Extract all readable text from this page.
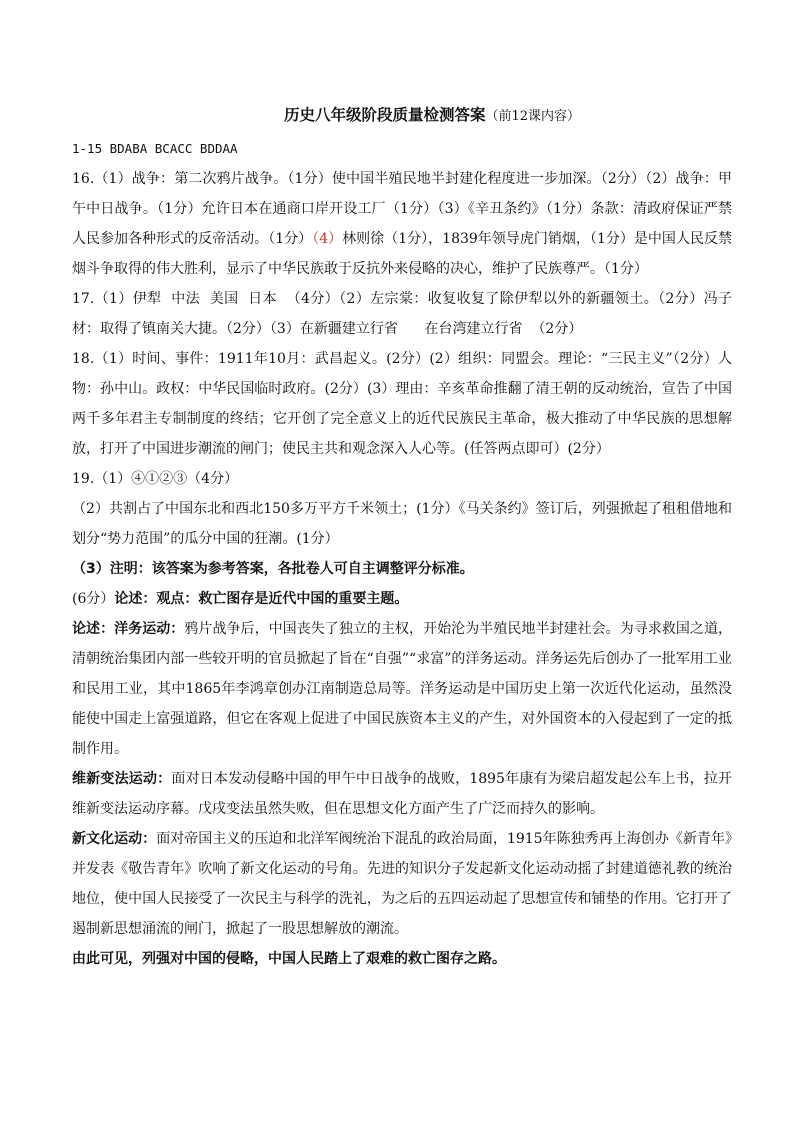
历史八年级阶段质量检测答案（前12课内容）

1-15 BDABA BCACC BDDAA

16.（1）战争：第二次鸦片战争。（1分）使中国半殖民地半封建化程度进一步加深。（2分）（2）战争：甲午中日战争。（1分）允许日本在通商口岸开设工厂（1分）（3）《辛丑条约》（1分）条款：清政府保证严禁人民参加各种形式的反帝活动。（1分）（4）林则徐（1分），1839年领导虎门销烟，（1分）是中国人民反禁烟斗争取得的伟大胜利，显示了中华民族敢于反抗外来侵略的决心，维护了民族尊严。（1分）

17.（1）伊犁  中法  美国  日本  （4分）（2）左宗棠：收复收复了除伊犁以外的新疆领土。（2分）冯子材：取得了镇南关大捷。（2分）（3）在新疆建立行省      在台湾建立行省  （2分）

18.（1）时间、事件：1911年10月：武昌起义。(2分）(2）组织：同盟会。理论：“三民主义”（2分）人物：孙中山。政权：中华民国临时政府。(2分）(3）理由：辛亥革命推翻了清王朝的反动统治，宣告了中国两千多年君主专制制度的终结；它开创了完全意义上的近代民族民主革命，极大推动了中华民族的思想解放，打开了中国进步潮流的闸门；使民主共和观念深入人心等。(任答两点即可）(2分）

19.（1）④①②③（4分）

（2）共割占了中国东北和西北150多万平方千米领土；(1分）《马关条约》签订后，列强掀起了租租借地和划分“势力范围”的瓜分中国的狂潮。(1分）

（3）注明：该答案为参考答案，各批卷人可自主调整评分标准。

(6分）论述：观点：救亡图存是近代中国的重要主题。

论述：洋务运动：鸦片战争后，中国丧失了独立的主权，开始沦为半殖民地半封建社会。为寻求救国之道，清朝统治集团内部一些较开明的官员掀起了旨在“自强”“求富”的洋务运动。洋务运先后创办了一批军用工业和民用工业，其中1865年李鸿章创办江南制造总局等。洋务运动是中国历史上第一次近代化运动，虽然没能使中国走上富强道路，但它在客观上促进了中国民族资本主义的产生，对外国资本的入侵起到了一定的抵制作用。

维新变法运动：面对日本发动侵略中国的甲午中日战争的战败，1895年康有为梁启超发起公车上书，拉开维新变法运动序幕。戊戌变法虽然失败，但在思想文化方面产生了广泛而持久的影响。

新文化运动：面对帝国主义的压迫和北洋军阀统治下混乱的政治局面，1915年陈独秀再上海创办《新青年》并发表《敬告青年》吹响了新文化运动的号角。先进的知识分子发起新文化运动动摇了封建道德礼教的统治地位，使中国人民接受了一次民主与科学的洗礼，为之后的五四运动起了思想宣传和铺垫的作用。它打开了遏制新思想涌流的闸门，掀起了一股思想解放的潮流。

由此可见，列强对中国的侵略，中国人民踏上了艰难的救亡图存之路。
